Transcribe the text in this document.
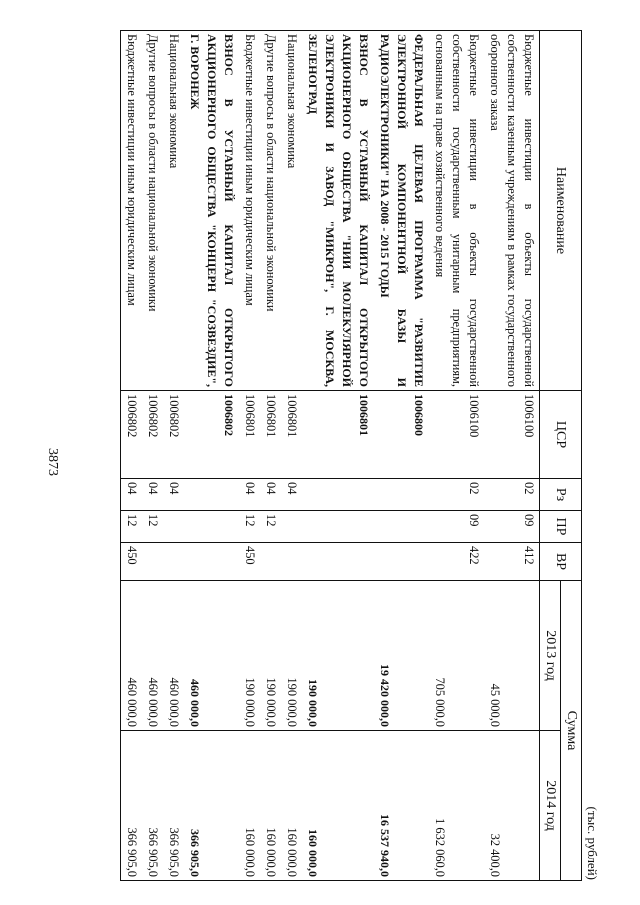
3873
(тыс. рублей)
Наименование	ЦСР	Рз	ПР	ВР	Сумма	
					2013 год	2014 год
Бюджетные инвестиции в объекты государственной собственности казенным учреждениям в рамках государственного оборонного заказа	1006100	02	09	412	45 000,0	32 400,0
Бюджетные инвестиции в объекты государственной собственности государственным унитарным предприятиям, основанным на праве хозяйственного ведения	1006100	02	09	422	705 000,0	1 632 060,0
ФЕДЕРАЛЬНАЯ ЦЕЛЕВАЯ ПРОГРАММА "РАЗВИТИЕ ЭЛЕКТРОННОЙ КОМПОНЕНТНОЙ БАЗЫ И РАДИОЭЛЕКТРОНИКИ" НА 2008 - 2015 ГОДЫ	1006800				19 420 000,0	16 537 940,0
ВЗНОС В УСТАВНЫЙ КАПИТАЛ ОТКРЫТОГО АКЦИОНЕРНОГО ОБЩЕСТВА "НИИ МОЛЕКУЛЯРНОЙ ЭЛЕКТРОНИКИ И ЗАВОД "МИКРОН", Г. МОСКВА, ЗЕЛЕНОГРАД	1006801				190 000,0	160 000,0
Национальная экономика	1006801	04			190 000,0	160 000,0
Другие вопросы в области национальной экономики	1006801	04	12		190 000,0	160 000,0
Бюджетные инвестиции иным юридическим лицам	1006801	04	12	450	190 000,0	160 000,0
ВЗНОС В УСТАВНЫЙ КАПИТАЛ ОТКРЫТОГО АКЦИОНЕРНОГО ОБЩЕСТВА "КОНЦЕРН "СОЗВЕЗДИЕ", Г. ВОРОНЕЖ	1006802				460 000,0	366 905,0
Национальная экономика	1006802	04			460 000,0	366 905,0
Другие вопросы в области национальной экономики	1006802	04	12		460 000,0	366 905,0
Бюджетные инвестиции иным юридическим лицам	1006802	04	12	450	460 000,0	366 905,0
